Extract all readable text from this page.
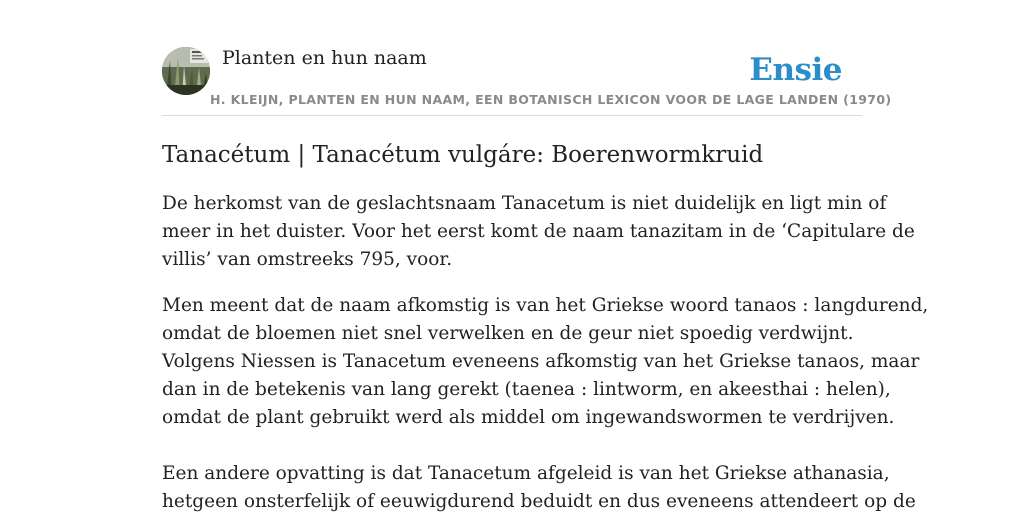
Planten en hun naam
H. KLEIJN, PLANTEN EN HUN NAAM, EEN BOTANISCH LEXICON VOOR DE LAGE LANDEN (1970)
Ensie
Tanacétum | Tanacétum vulgáre: Boerenwormkruid

De herkomst van de geslachtsnaam Tanacetum is niet duidelijk en ligt min of
meer in het duister. Voor het eerst komt de naam tanazitam in de ‘Capitulare de
villis’ van omstreeks 795, voor.

Men meent dat de naam afkomstig is van het Griekse woord tanaos : langdurend,
omdat de bloemen niet snel verwelken en de geur niet spoedig verdwijnt.
Volgens Niessen is Tanacetum eveneens afkomstig van het Griekse tanaos, maar
dan in de betekenis van lang gerekt (taenea : lintworm, en akeesthai : helen),
omdat de plant gebruikt werd als middel om ingewandswormen te verdrijven.

Een andere opvatting is dat Tanacetum afgeleid is van het Griekse athanasia,
hetgeen onsterfelijk of eeuwigdurend beduidt en dus eveneens attendeert op de
